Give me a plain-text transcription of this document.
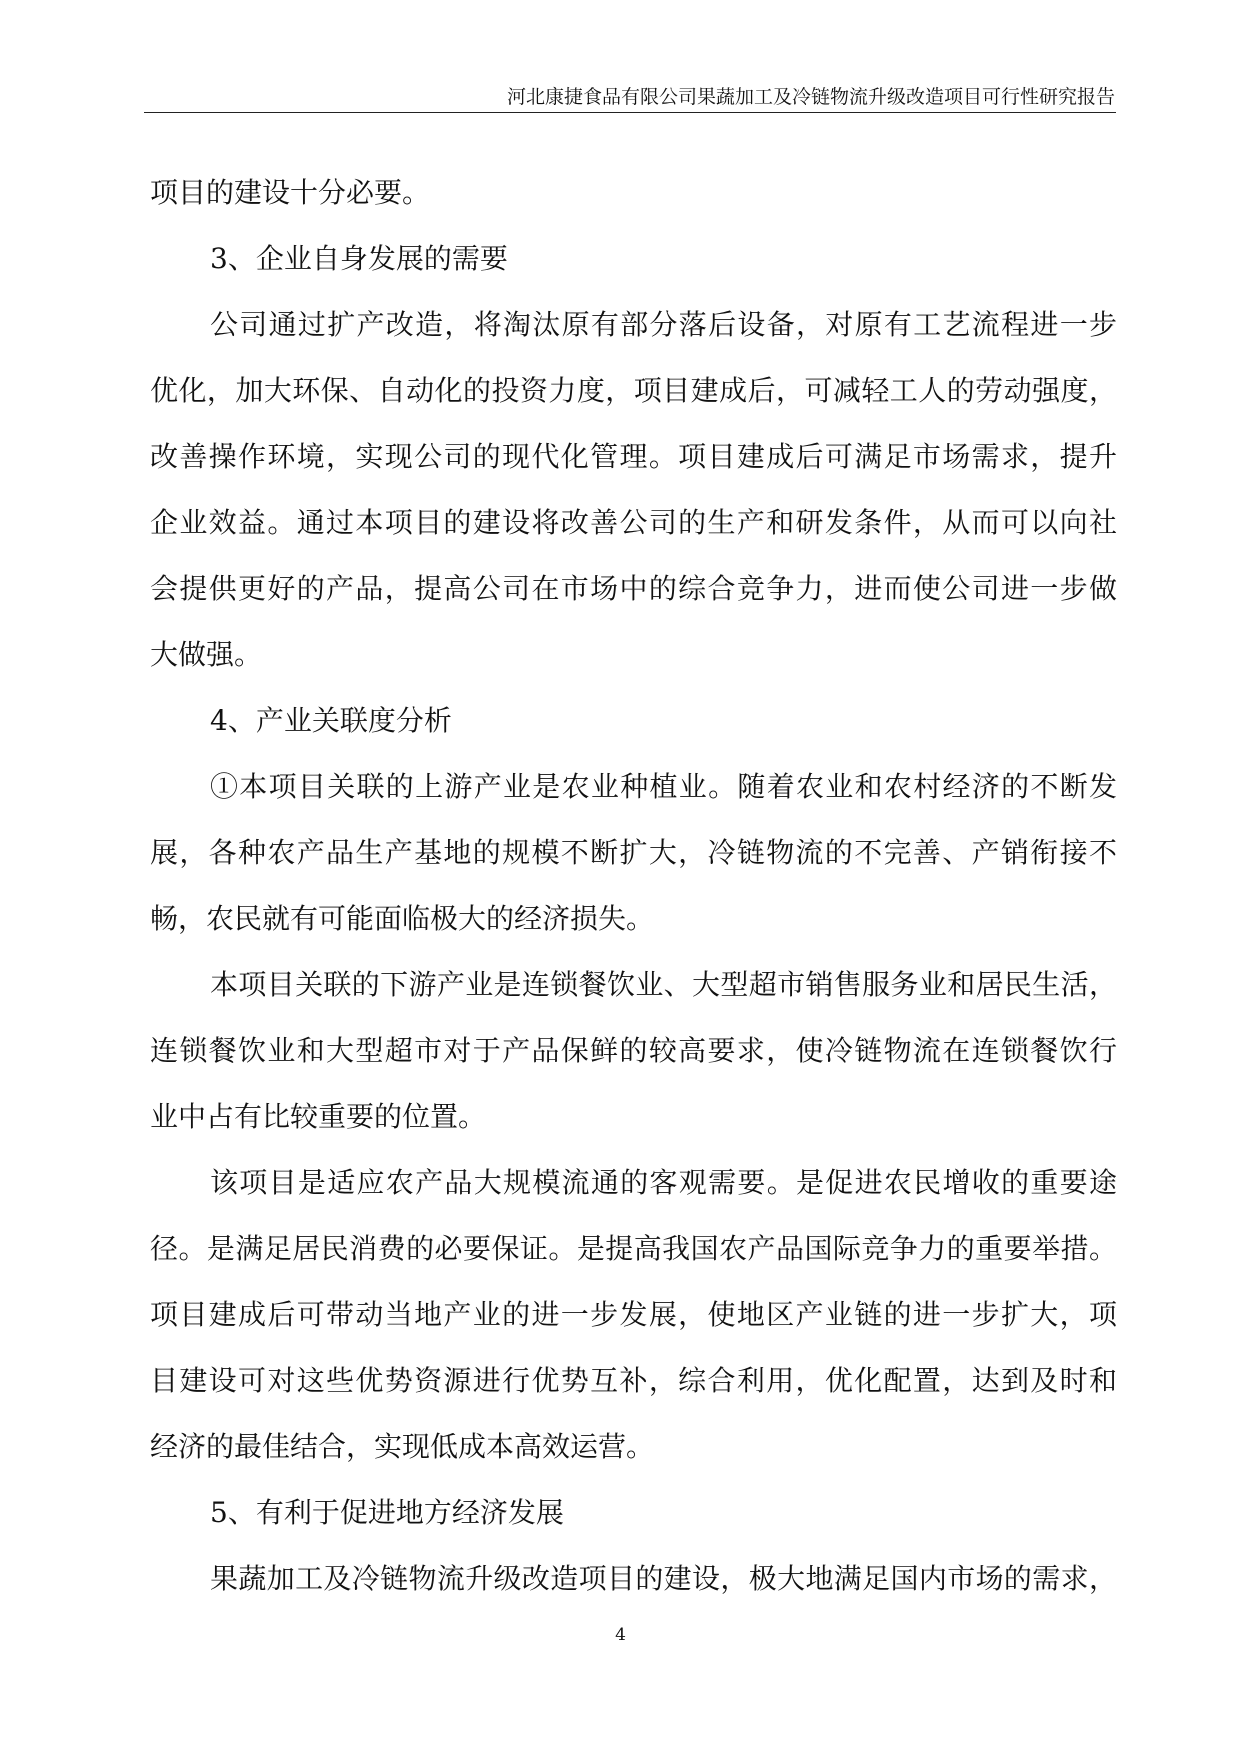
河北康捷食品有限公司果蔬加工及冷链物流升级改造项目可行性研究报告

项目的建设十分必要。

3、企业自身发展的需要

公司通过扩产改造，将淘汰原有部分落后设备，对原有工艺流程进一步

优化，加大环保、自动化的投资力度，项目建成后，可减轻工人的劳动强度，

改善操作环境，实现公司的现代化管理。项目建成后可满足市场需求，提升

企业效益。通过本项目的建设将改善公司的生产和研发条件，从而可以向社

会提供更好的产品，提高公司在市场中的综合竞争力，进而使公司进一步做

大做强。

4、产业关联度分析

①本项目关联的上游产业是农业种植业。随着农业和农村经济的不断发

展，各种农产品生产基地的规模不断扩大，冷链物流的不完善、产销衔接不

畅，农民就有可能面临极大的经济损失。

本项目关联的下游产业是连锁餐饮业、大型超市销售服务业和居民生活，

连锁餐饮业和大型超市对于产品保鲜的较高要求，使冷链物流在连锁餐饮行

业中占有比较重要的位置。

该项目是适应农产品大规模流通的客观需要。是促进农民增收的重要途

径。是满足居民消费的必要保证。是提高我国农产品国际竞争力的重要举措。

项目建成后可带动当地产业的进一步发展，使地区产业链的进一步扩大，项

目建设可对这些优势资源进行优势互补，综合利用，优化配置，达到及时和

经济的最佳结合，实现低成本高效运营。

5、有利于促进地方经济发展

果蔬加工及冷链物流升级改造项目的建设，极大地满足国内市场的需求，

4
